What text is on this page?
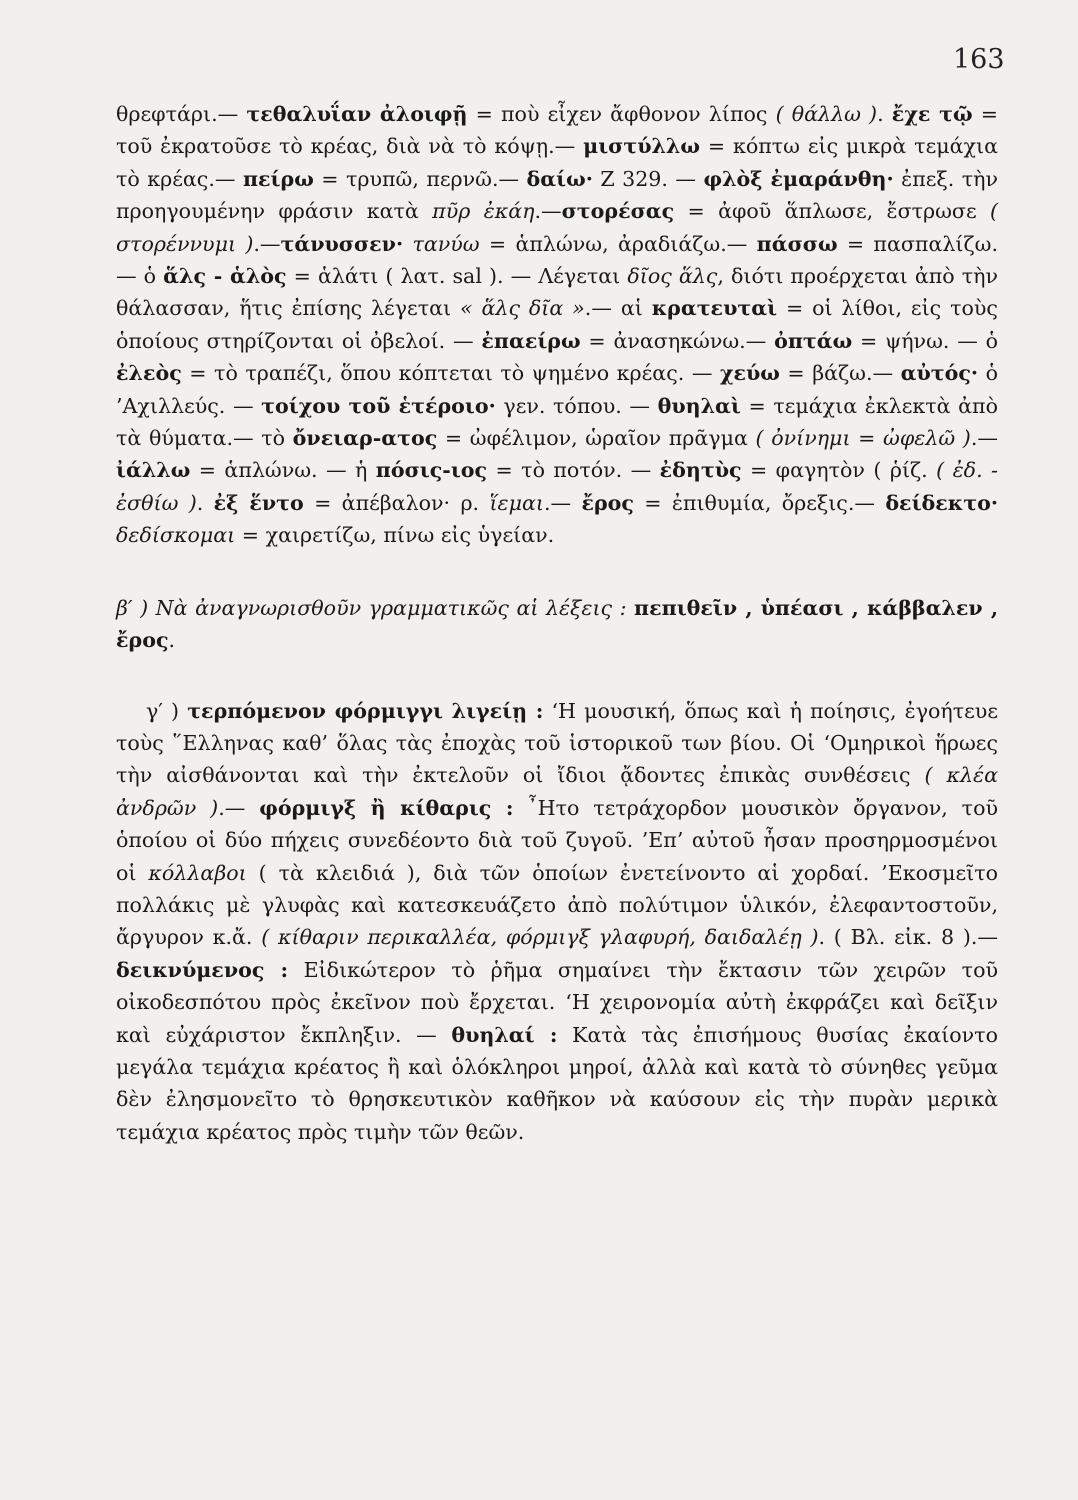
163

θρεφτάρι.— τεθαλυΐαν ἀλοιφῇ = ποὺ εἶχεν ἄφθονον λίπος ( θάλλω ). ἔχε τῷ = τοῦ ἐκρατοῦσε τὸ κρέας, διὰ νὰ τὸ κόψῃ.— μιστύλλω = κόπτω εἰς μικρὰ τεμάχια τὸ κρέας.— πείρω = τρυπῶ, περνῶ.— δαίω· Ζ 329. — φλὸξ ἐμαράνθη· ἐπεξ. τὴν προηγουμένην φράσιν κατὰ πῦρ ἐκάη.—στορέσας = ἀφοῦ ἅπλωσε, ἔστρωσε ( στορέννυμι ).—τάνυσσεν· τανύω = ἁπλώνω, ἀραδιάζω.— πάσσω = πασπαλίζω. — ὁ ἅλς - ἁλὸς = ἁλάτι ( λατ. sal ). — Λέγεται δῖος ἅλς, διότι προέρχεται ἀπὸ τὴν θάλασσαν, ἥτις ἐπίσης λέγεται « ἅλς δῖα ».— αἱ κρατευταὶ = οἱ λίθοι, εἰς τοὺς ὁποίους στηρίζονται οἱ ὀβελοί. — ἐπαείρω = ἀνασηκώνω.— ὀπτάω = ψήνω. — ὁ ἐλεὸς = τὸ τραπέζι, ὅπου κόπτεται τὸ ψημένο κρέας. — χεύω = βάζω.— αὐτός· ὁ ’Αχιλλεύς. — τοίχου τοῦ ἑτέροιο· γεν. τόπου. — θυηλαὶ = τεμάχια ἐκλεκτὰ ἀπὸ τὰ θύματα.— τὸ ὄνειαρ-ατος = ὠφέλιμον, ὡραῖον πρᾶγμα ( ὀνίνημι = ὠφελῶ ).— ἰάλλω = ἁπλώνω. — ἡ πόσις-ιος = τὸ ποτόν. — ἐδητὺς = φαγητὸν ( ῥίζ. ( ἐδ. - ἐσθίω ). ἐξ ἕντο = ἀπέβαλον· ρ. ἵεμαι.— ἔρος = ἐπιθυμία, ὄρεξις.— δείδεκτο· δεδίσκομαι = χαιρετίζω, πίνω εἰς ὑγείαν.

β′ ) Νὰ ἀναγνωρισθοῦν γραμματικῶς αἱ λέξεις : πεπιθεῖν , ὑπέασι , κάββαλεν , ἔρος.

γ′ ) τερπόμενον φόρμιγγι λιγείῃ : ‘Η μουσική, ὅπως καὶ ἡ ποίησις, ἐγοήτευε τοὺς ῞Ελληνας καθ’ ὅλας τὰς ἐποχὰς τοῦ ἱστορικοῦ των βίου. Οἱ ‘Ομηρικοὶ ἥρωες τὴν αἰσθάνονται καὶ τὴν ἐκτελοῦν οἱ ἴδιοι ᾄδοντες ἐπικὰς συνθέσεις ( κλέα ἀνδρῶν ).— φόρμιγξ ἢ κίθαρις : ῏Ητο τετράχορδον μουσικὸν ὄργανον, τοῦ ὁποίου οἱ δύο πήχεις συνεδέοντο διὰ τοῦ ζυγοῦ. ’Επ’ αὐτοῦ ἦσαν προσηρμοσμένοι οἱ κόλλαβοι ( τὰ κλειδιά ), διὰ τῶν ὁποίων ἐνετείνοντο αἱ χορδαί. ’Εκοσμεῖτο πολλάκις μὲ γλυφὰς καὶ κατεσκευάζετο ἀπὸ πολύτιμον ὑλικόν, ἐλεφαντοστοῦν, ἄργυρον κ.ἄ. ( κίθαριν περικαλλέα, φόρμιγξ γλαφυρή, δαιδαλέῃ ). ( Βλ. εἰκ. 8 ).— δεικνύμενος : Εἰδικώτερον τὸ ῥῆμα σημαίνει τὴν ἔκτασιν τῶν χειρῶν τοῦ οἰκοδεσπότου πρὸς ἐκεῖνον ποὺ ἔρχεται. ‘Η χειρονομία αὐτὴ ἐκφράζει καὶ δεῖξιν καὶ εὐχάριστον ἔκπληξιν. — θυηλαί : Κατὰ τὰς ἐπισήμους θυσίας ἐκαίοντο μεγάλα τεμάχια κρέατος ἢ καὶ ὁλόκληροι μηροί, ἀλλὰ καὶ κατὰ τὸ σύνηθες γεῦμα δὲν ἐλησμονεῖτο τὸ θρησκευτικὸν καθῆκον νὰ καύσουν εἰς τὴν πυρὰν μερικὰ τεμάχια κρέατος πρὸς τιμὴν τῶν θεῶν.
